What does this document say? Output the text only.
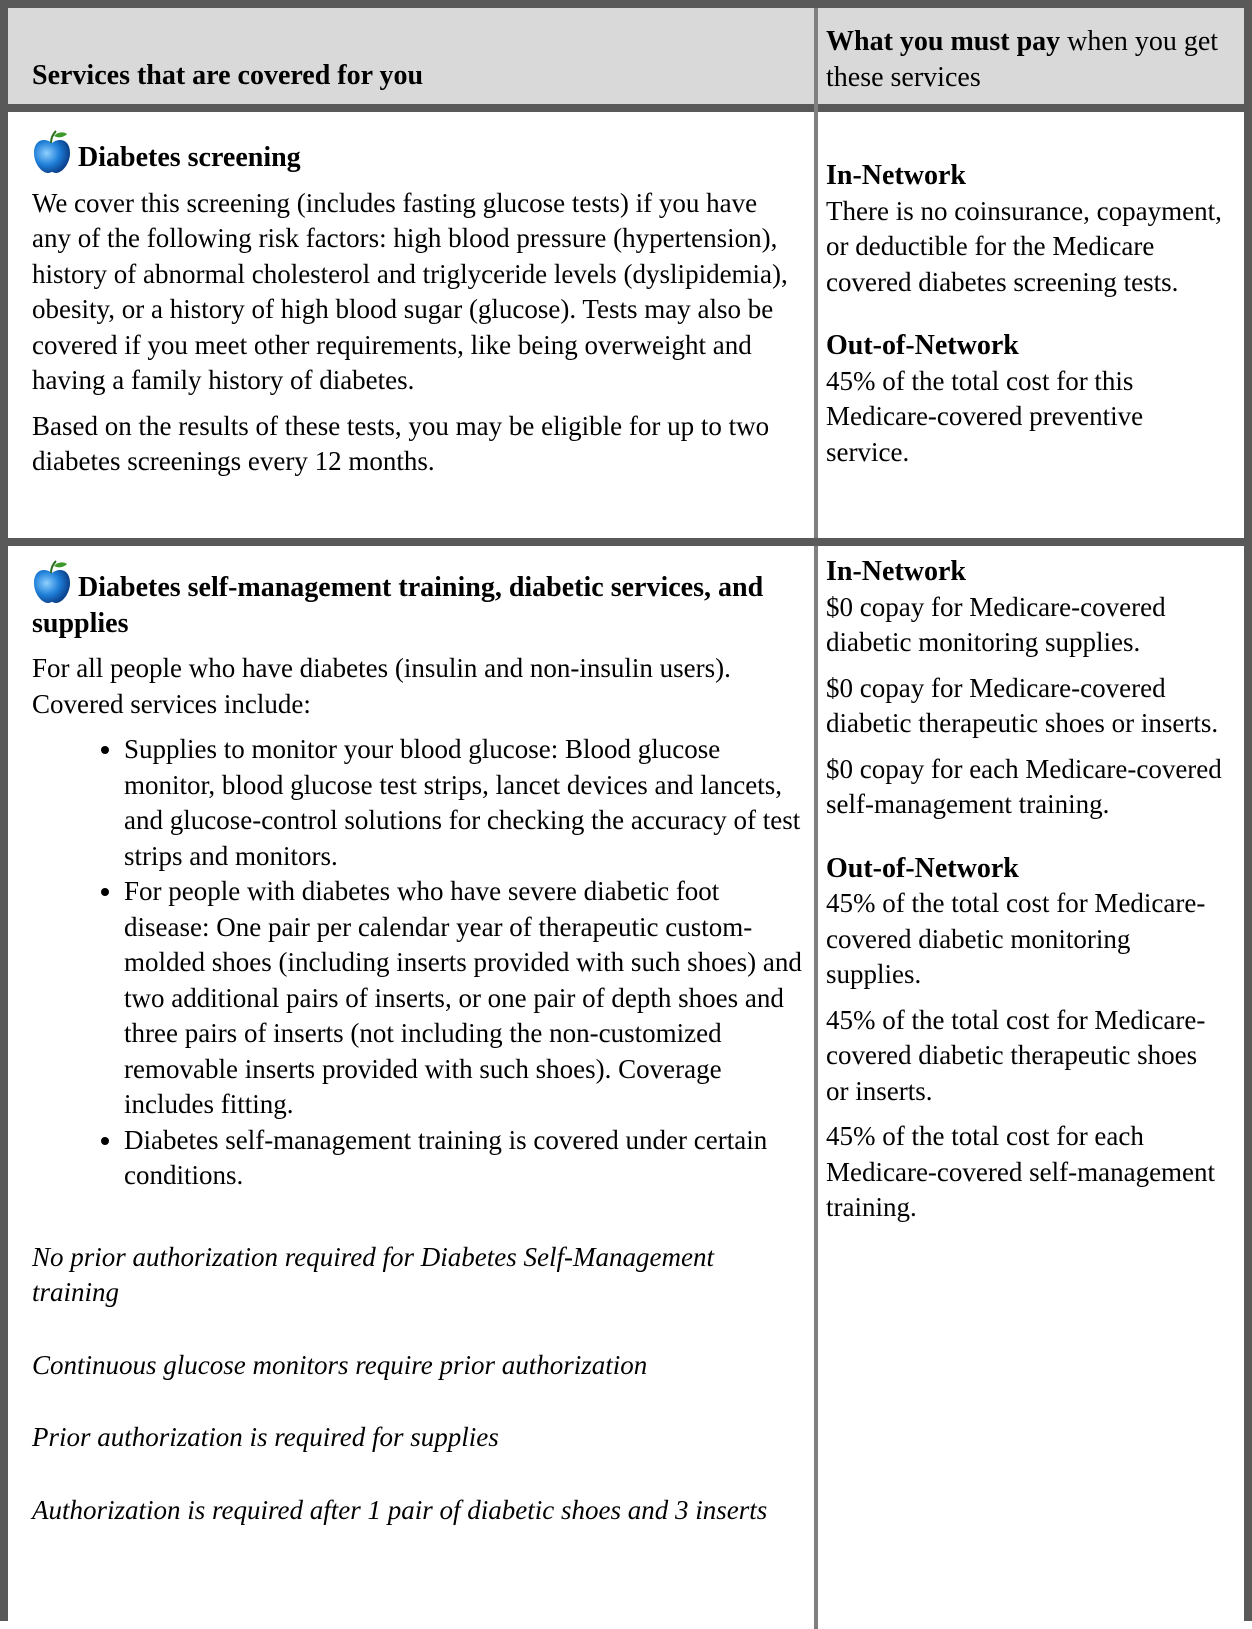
Services that are covered for you
What you must pay when you get these services
Diabetes screening

We cover this screening (includes fasting glucose tests) if you have any of the following risk factors: high blood pressure (hypertension), history of abnormal cholesterol and triglyceride levels (dyslipidemia), obesity, or a history of high blood sugar (glucose). Tests may also be covered if you meet other requirements, like being overweight and having a family history of diabetes.

Based on the results of these tests, you may be eligible for up to two diabetes screenings every 12 months.

In-Network

There is no coinsurance, copayment, or deductible for the Medicare covered diabetes screening tests.

Out-of-Network

45% of the total cost for this Medicare-covered preventive service.

Diabetes self-management training, diabetic services, and supplies

For all people who have diabetes (insulin and non-insulin users). Covered services include:

• Supplies to monitor your blood glucose: Blood glucose monitor, blood glucose test strips, lancet devices and lancets, and glucose-control solutions for checking the accuracy of test strips and monitors.
• For people with diabetes who have severe diabetic foot disease: One pair per calendar year of therapeutic custom-molded shoes (including inserts provided with such shoes) and two additional pairs of inserts, or one pair of depth shoes and three pairs of inserts (not including the non-customized removable inserts provided with such shoes). Coverage includes fitting.
• Diabetes self-management training is covered under certain conditions.

No prior authorization required for Diabetes Self-Management training

Continuous glucose monitors require prior authorization

Prior authorization is required for supplies

Authorization is required after 1 pair of diabetic shoes and 3 inserts

In-Network

$0 copay for Medicare-covered diabetic monitoring supplies.

$0 copay for Medicare-covered diabetic therapeutic shoes or inserts.

$0 copay for each Medicare-covered self-management training.

Out-of-Network

45% of the total cost for Medicare-covered diabetic monitoring supplies.

45% of the total cost for Medicare-covered diabetic therapeutic shoes or inserts.

45% of the total cost for each Medicare-covered self-management training.
